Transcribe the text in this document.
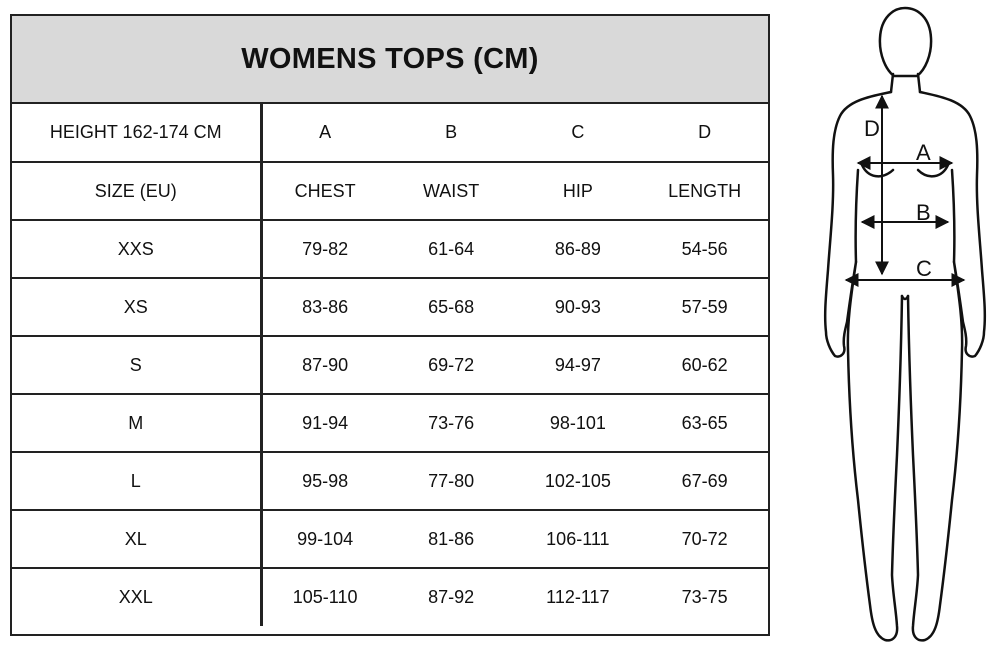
WOMENS TOPS (CM)
HEIGHT 162-174 CM	A	B	C	D
SIZE (EU)	CHEST	WAIST	HIP	LENGTH
XXS	79-82	61-64	86-89	54-56
XS	83-86	65-68	90-93	57-59
S	87-90	69-72	94-97	60-62
M	91-94	73-76	98-101	63-65
L	95-98	77-80	102-105	67-69
XL	99-104	81-86	106-111	70-72
XXL	105-110	87-92	112-117	73-75
A
B
C
D
